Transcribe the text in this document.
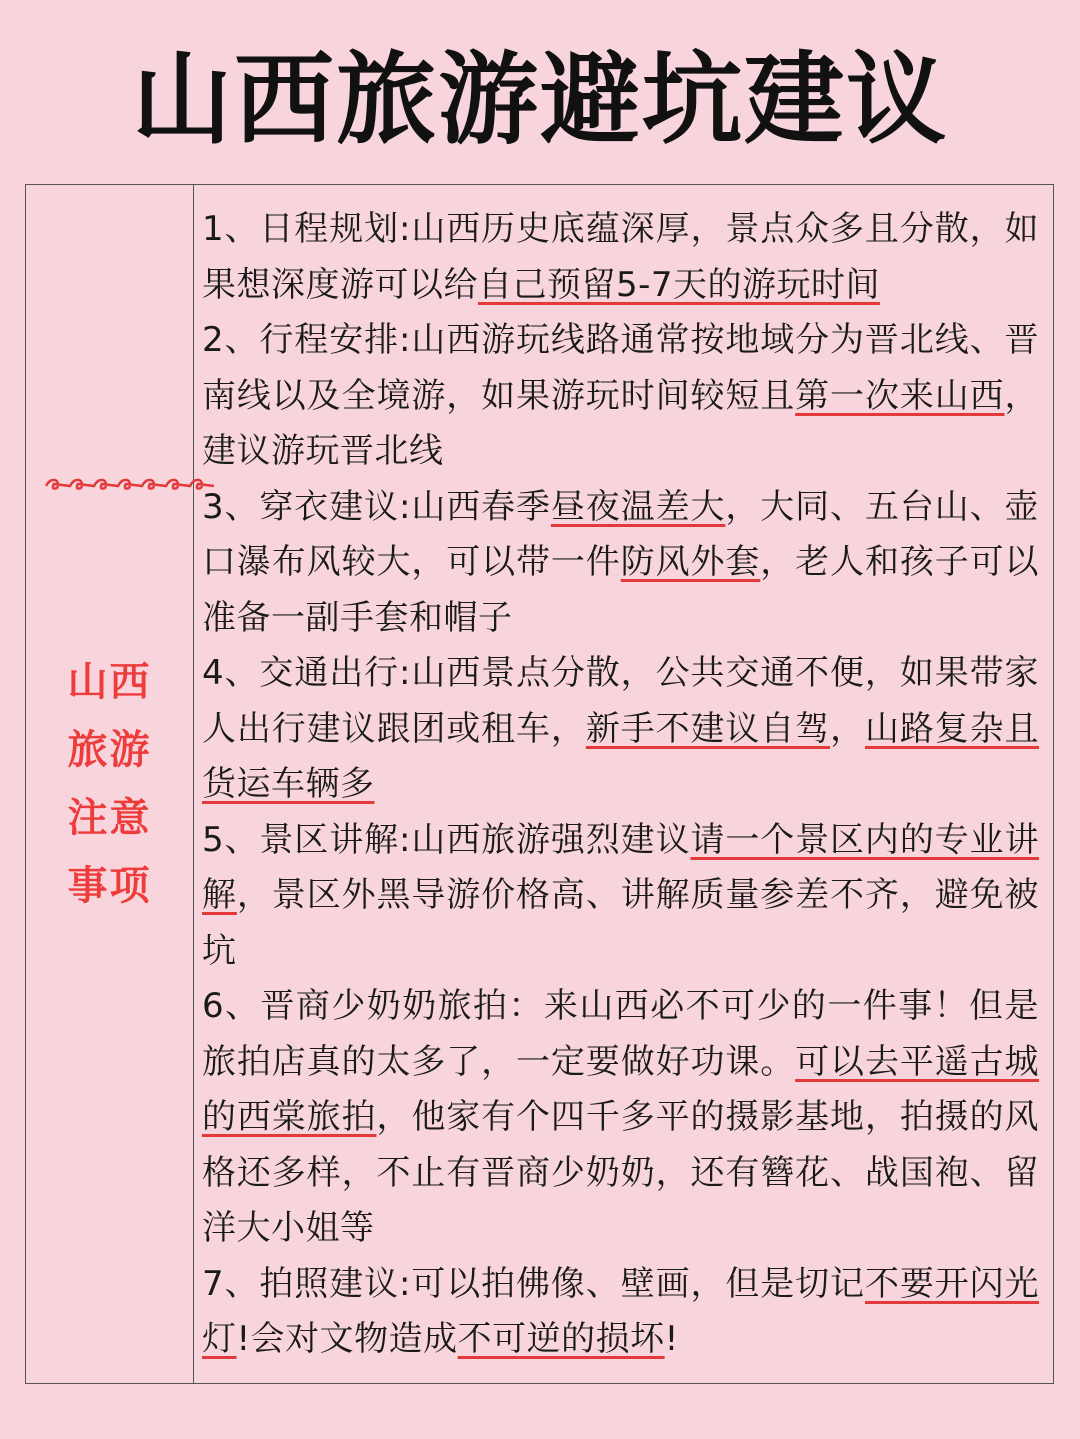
山西旅游避坑建议
山西
旅游
注意
事项
1、日程规划:山西历史底蕴深厚，景点众多且分散，如果想深度游可以给自己预留5-7天的游玩时间
2、行程安排:山西游玩线路通常按地域分为晋北线、晋南线以及全境游，如果游玩时间较短且第一次来山西，建议游玩晋北线
3、穿衣建议:山西春季昼夜温差大，大同、五台山、壶口瀑布风较大，可以带一件防风外套，老人和孩子可以准备一副手套和帽子
4、交通出行:山西景点分散，公共交通不便，如果带家人出行建议跟团或租车，新手不建议自驾，山路复杂且货运车辆多
5、景区讲解:山西旅游强烈建议请一个景区内的专业讲解，景区外黑导游价格高、讲解质量参差不齐，避免被坑
6、晋商少奶奶旅拍：来山西必不可少的一件事！但是旅拍店真的太多了，一定要做好功课。可以去平遥古城的西棠旅拍，他家有个四千多平的摄影基地，拍摄的风格还多样，不止有晋商少奶奶，还有簪花、战国袍、留洋大小姐等
7、拍照建议:可以拍佛像、壁画，但是切记不要开闪光灯!会对文物造成不可逆的损坏!
